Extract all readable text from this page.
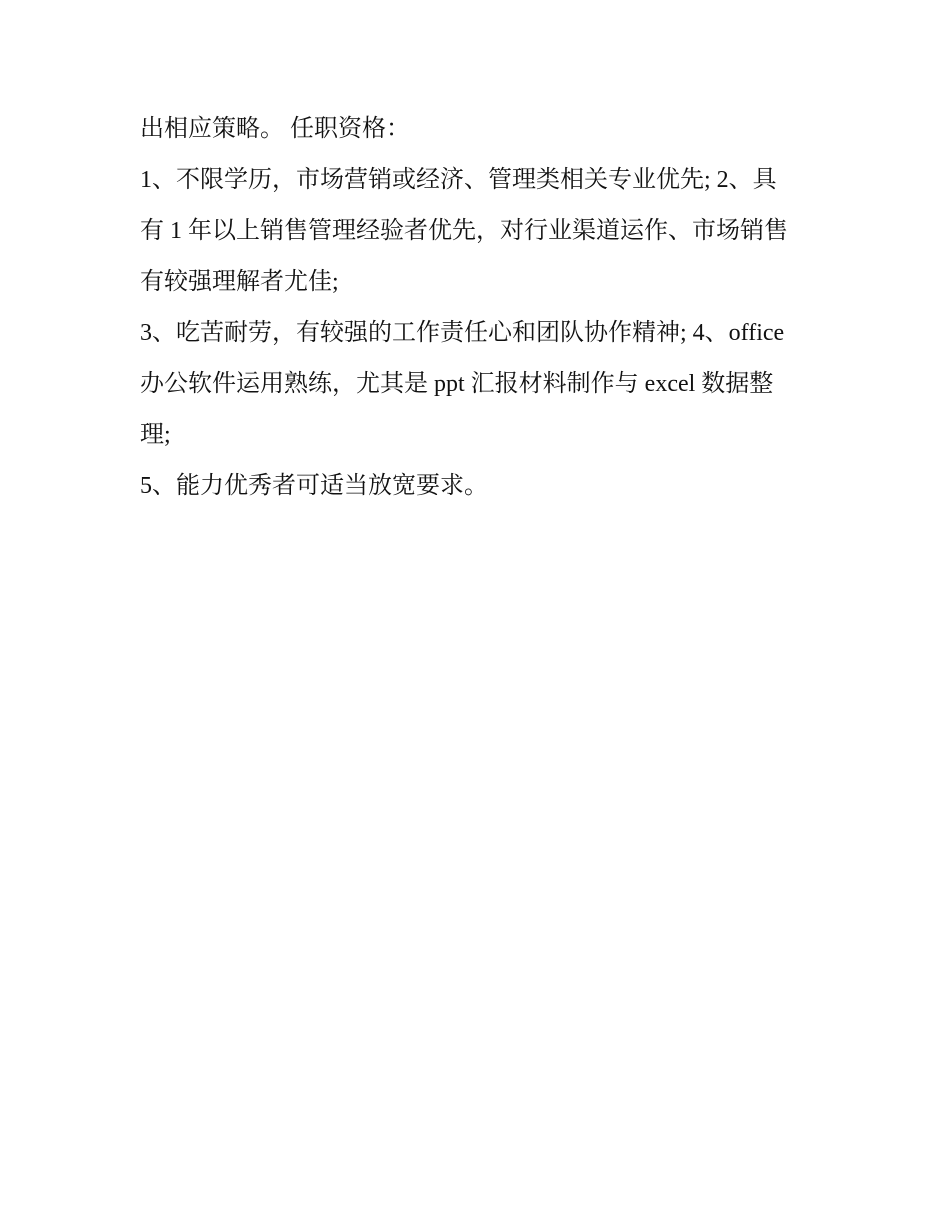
出相应策略。 任职资格：
1、不限学历，市场营销或经济、管理类相关专业优先; 2、具
有 1 年以上销售管理经验者优先，对行业渠道运作、市场销售
有较强理解者尤佳;
3、吃苦耐劳，有较强的工作责任心和团队协作精神; 4、office
办公软件运用熟练，尤其是 ppt 汇报材料制作与 excel 数据整
理;
5、能力优秀者可适当放宽要求。
